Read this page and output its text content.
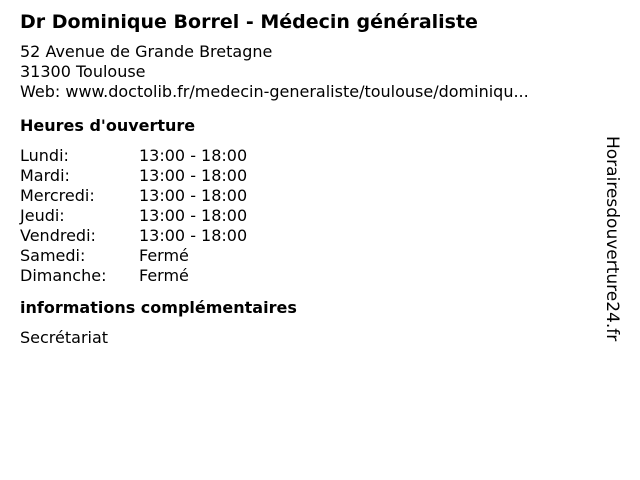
Dr Dominique Borrel - Médecin généraliste
52 Avenue de Grande Bretagne
31300 Toulouse
Web: www.doctolib.fr/medecin-generaliste/toulouse/dominiqu...
Heures d'ouverture
Lundi:	13:00 - 18:00
Mardi:	13:00 - 18:00
Mercredi:	13:00 - 18:00
Jeudi:	13:00 - 18:00
Vendredi:	13:00 - 18:00
Samedi:	Fermé
Dimanche:	Fermé
informations complémentaires
Secrétariat	Horairesdouverture24.fr
